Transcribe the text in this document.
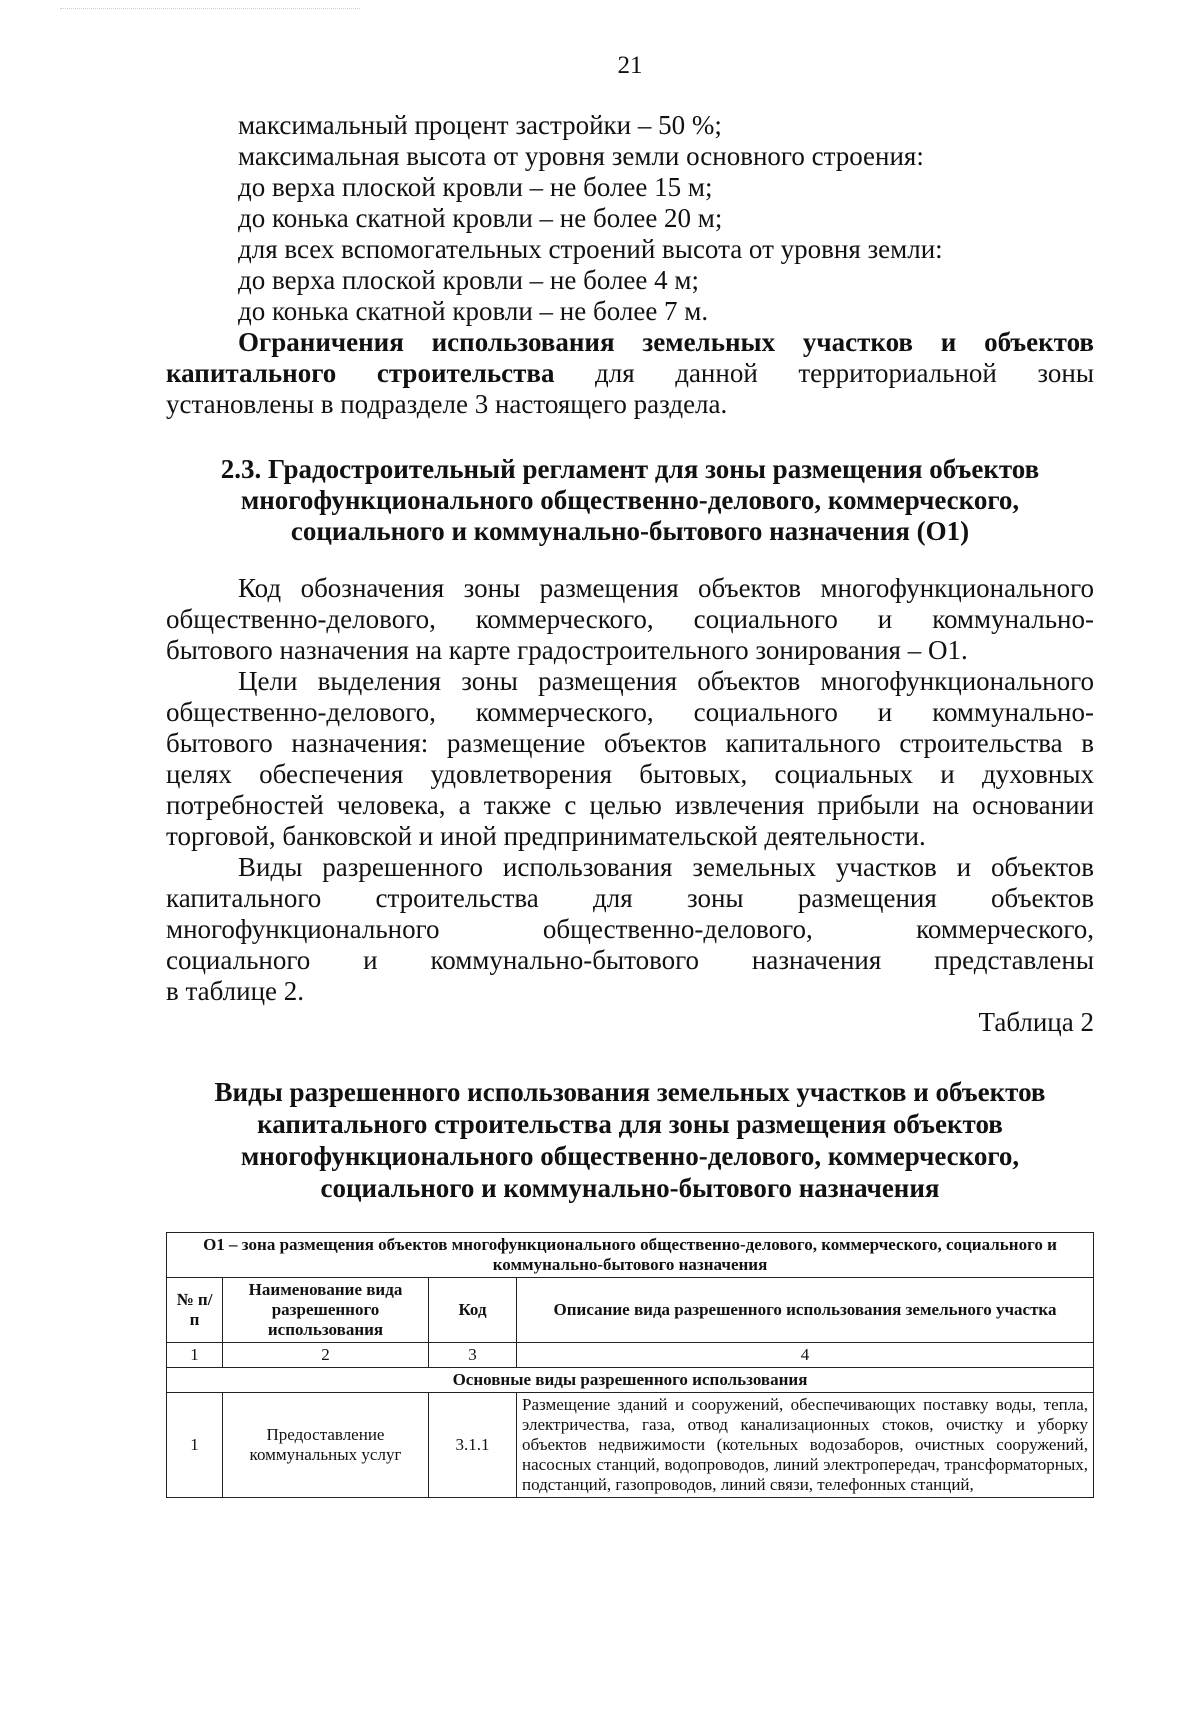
21
максимальный процент застройки – 50 %;
максимальная высота от уровня земли основного строения:
до верха плоской кровли – не более 15 м;
до конька скатной кровли – не более 20 м;
для всех вспомогательных строений высота от уровня земли:
до верха плоской кровли – не более 4 м;
до конька скатной кровли – не более 7 м.
Ограничения использования земельных участков и объектов
капитального строительства для данной территориальной зоны
установлены в подразделе 3 настоящего раздела.
2.3. Градостроительный регламент для зоны размещения объектов
многофункционального общественно-делового, коммерческого,
социального и коммунально-бытового назначения (О1)
Код обозначения зоны размещения объектов многофункционального
общественно-делового, коммерческого, социального и коммунально-
бытового назначения на карте градостроительного зонирования – О1.
Цели выделения зоны размещения объектов многофункционального
общественно-делового, коммерческого, социального и коммунально-
бытового назначения: размещение объектов капитального строительства в
целях обеспечения удовлетворения бытовых, социальных и духовных
потребностей человека, а также с целью извлечения прибыли на основании
торговой, банковской и иной предпринимательской деятельности.
Виды разрешенного использования земельных участков и объектов
капитального строительства для зоны размещения объектов
многофункционального общественно-делового, коммерческого,
социального и коммунально-бытового назначения представлены
в таблице 2.
Таблица 2
Виды разрешенного использования земельных участков и объектов
капитального строительства для зоны размещения объектов
многофункционального общественно-делового, коммерческого,
социального и коммунально-бытового назначения
О1 – зона размещения объектов многофункционального общественно-делового, коммерческого, социального и коммунально-бытового назначения			
№ п/п	Наименование вида разрешенного использования	Код	Описание вида разрешенного использования земельного участка
1	2	3	4
Основные виды разрешенного использования			
1	Предоставление коммунальных услуг	3.1.1	Размещение зданий и сооружений, обеспечивающих поставку воды, тепла, электричества, газа, отвод канализационных стоков, очистку и уборку объектов недвижимости (котельных водозаборов, очистных сооружений, насосных станций, водопроводов, линий электропередач, трансформаторных, подстанций, газопроводов, линий связи, телефонных станций,
